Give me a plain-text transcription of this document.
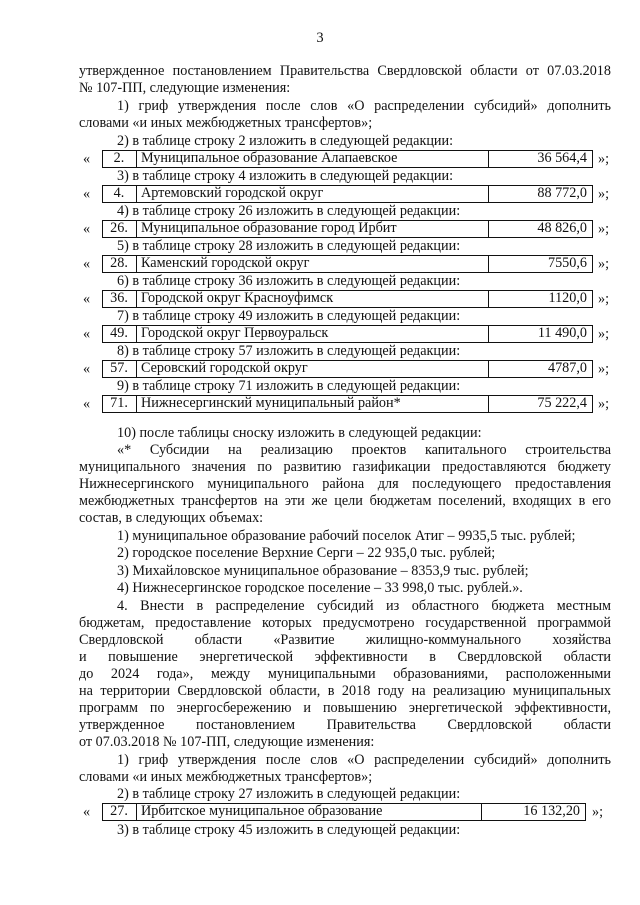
3
утвержденное постановлением Правительства Свердловской области от 07.03.2018
№ 107-ПП, следующие изменения:
1) гриф утверждения после слов «О распределении субсидий» дополнить
словами «и иных межбюджетных трансфертов»;
2) в таблице строку 2 изложить в следующей редакции:
«	2.	Муниципальное образование Алапаевское	36 564,4 »;
3) в таблице строку 4 изложить в следующей редакции:
«	4.	Артемовский городской округ	88 772,0 »;
4) в таблице строку 26 изложить в следующей редакции:
«	26. Муниципальное образование город Ирбит	48 826,0 »;
5) в таблице строку 28 изложить в следующей редакции:
«	28. Каменский городской округ	7550,6 »;
6) в таблице строку 36 изложить в следующей редакции:
«	36. Городской округ Красноуфимск	1120,0 »;
7) в таблице строку 49 изложить в следующей редакции:
«	49. Городской округ Первоуральск	11 490,0 »;
8) в таблице строку 57 изложить в следующей редакции:
«	57. Серовский городской округ	4787,0 »;
9) в таблице строку 71 изложить в следующей редакции:
«	71. Нижнесергинский муниципальный район*	75 222,4 »;
10) после таблицы сноску изложить в следующей редакции:
«* Субсидии на реализацию проектов капитального строительства
муниципального значения по развитию газификации предоставляются бюджету
Нижнесергинского муниципального района для последующего предоставления
межбюджетных трансфертов на эти же цели бюджетам поселений, входящих в его
состав, в следующих объемах:
1) муниципальное образование рабочий поселок Атиг – 9935,5 тыс. рублей;
2) городское поселение Верхние Серги – 22 935,0 тыс. рублей;
3) Михайловское муниципальное образование – 8353,9 тыс. рублей;
4) Нижнесергинское городское поселение – 33 998,0 тыс. рублей.».
4. Внести в распределение субсидий из областного бюджета местным
бюджетам, предоставление которых предусмотрено государственной программой
Свердловской области «Развитие жилищно-коммунального хозяйства
и повышение энергетической эффективности в Свердловской области
до 2024 года», между муниципальными образованиями, расположенными
на территории Свердловской области, в 2018 году на реализацию муниципальных
программ по энергосбережению и повышению энергетической эффективности,
утвержденное постановлением Правительства Свердловской области
от 07.03.2018 № 107-ПП, следующие изменения:
1) гриф утверждения после слов «О распределении субсидий» дополнить
словами «и иных межбюджетных трансфертов»;
2) в таблице строку 27 изложить в следующей редакции:
«	27. Ирбитское муниципальное образование	16 132,20 »;
3) в таблице строку 45 изложить в следующей редакции:
